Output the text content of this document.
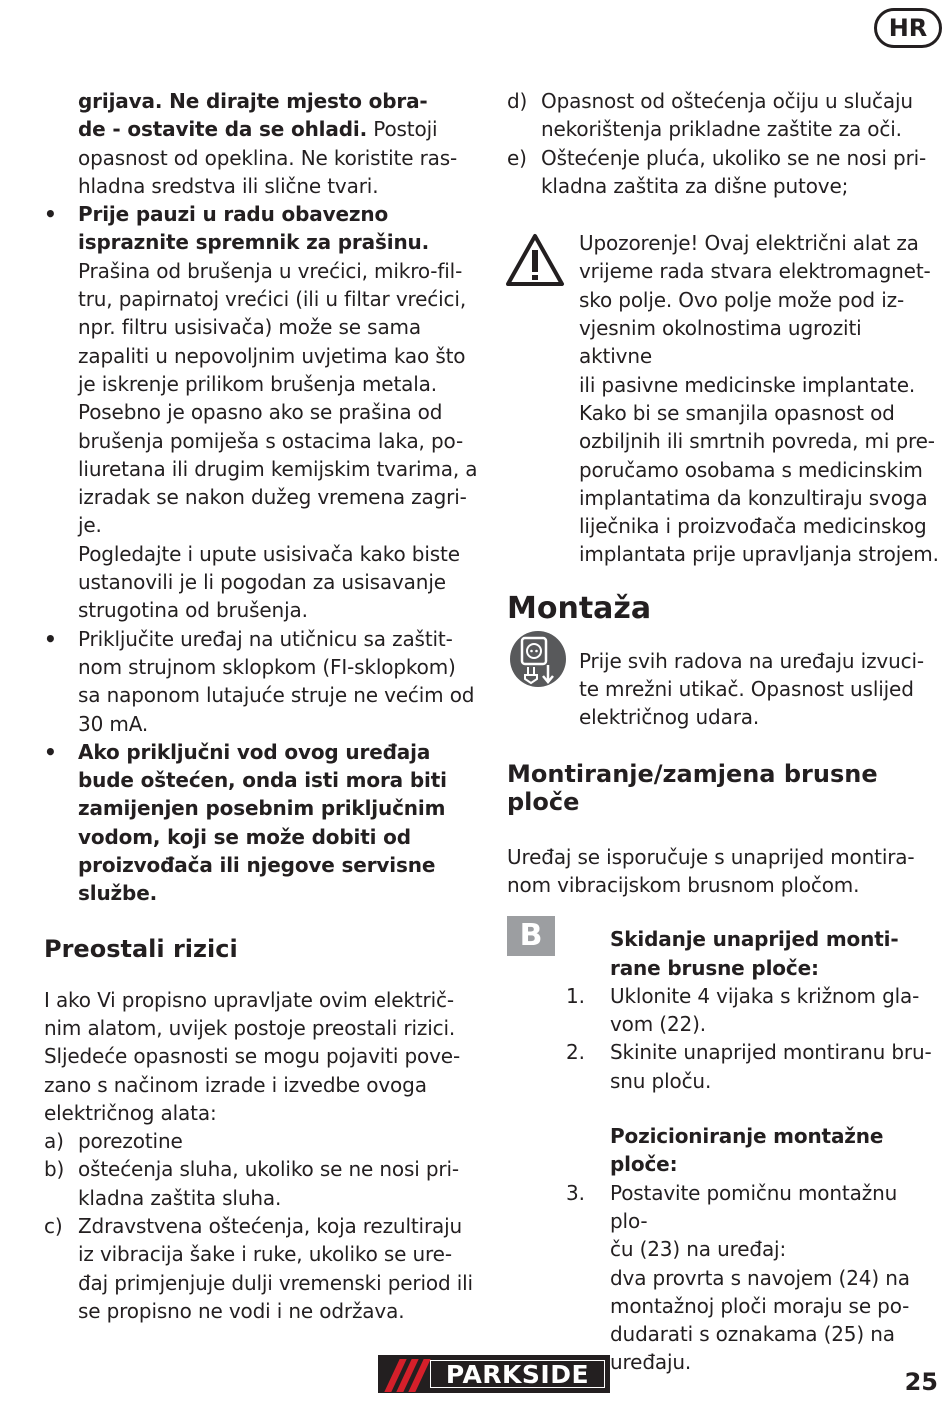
HR
grijava. Ne dirajte mjesto obra-
de - ostavite da se ohladi. Postoji
opasnost od opeklina. Ne koristite ras-
hladna sredstva ili slične tvari.
•	Prije pauzi u radu obavezno
ispraznite spremnik za prašinu.
Prašina od brušenja u vrećici, mikro-fil-
tru, papirnatoj vrećici (ili u filtar vrećici,
npr. filtru usisivača) može se sama
zapaliti u nepovoljnim uvjetima kao što
je iskrenje prilikom brušenja metala.
Posebno je opasno ako se prašina od
brušenja pomiješa s ostacima laka, po-
liuretana ili drugim kemijskim tvarima, a
izradak se nakon dužeg vremena zagri-
je.
Pogledajte i upute usisivača kako biste
ustanovili je li pogodan za usisavanje
strugotina od brušenja.
•	Priključite uređaj na utičnicu sa zaštit-
nom strujnom sklopkom (FI-sklopkom)
sa naponom lutajuće struje ne većim od
30 mA.
•	Ako priključni vod ovog uređaja
bude oštećen, onda isti mora biti
zamijenjen posebnim priključnim
vodom, koji se može dobiti od
proizvođača ili njegove servisne
službe.
Preostali rizici
I ako Vi propisno upravljate ovim električ-
nim alatom, uvijek postoje preostali rizici.
Sljedeće opasnosti se mogu pojaviti pove-
zano s načinom izrade i izvedbe ovoga
električnog alata:
a) porezotine
b) oštećenja sluha, ukoliko se ne nosi pri-
kladna zaštita sluha.
c) Zdravstvena oštećenja, koja rezultiraju
iz vibracija šake i ruke, ukoliko se ure-
đaj primjenjuje dulji vremenski period ili
se propisno ne vodi i ne održava.
d) Opasnost od oštećenja očiju u slučaju
nekorištenja prikladne zaštite za oči.
e) Oštećenje pluća, ukoliko se ne nosi pri-
kladna zaštita za dišne putove;
Upozorenje! Ovaj električni alat za
vrijeme rada stvara elektromagnet-
sko polje. Ovo polje može pod iz-
vjesnim okolnostima ugroziti aktivne
ili pasivne medicinske implantate.
Kako bi se smanjila opasnost od
ozbiljnih ili smrtnih povreda, mi pre-
poručamo osobama s medicinskim
implantatima da konzultiraju svoga
liječnika i proizvođača medicinskog
implantata prije upravljanja strojem.
Montaža
Prije svih radova na uređaju izvuci-
te mrežni utikač. Opasnost uslijed
električnog udara.
Montiranje/zamjena brusne
ploče
Uređaj se isporučuje s unaprijed montira-
nom vibracijskom brusnom pločom.
Skidanje unaprijed monti-
rane brusne ploče:
1. Uklonite 4 vijaka s križnom gla-
vom (22).
2. Skinite unaprijed montiranu bru-
snu ploču.
Pozicioniranje montažne
ploče:
3. Postavite pomičnu montažnu plo-
ču (23) na uređaj:
dva provrta s navojem (24) na
montažnoj ploči moraju se po-
dudarati s oznakama (25) na
uređaju.
B
PARKSIDE	25
